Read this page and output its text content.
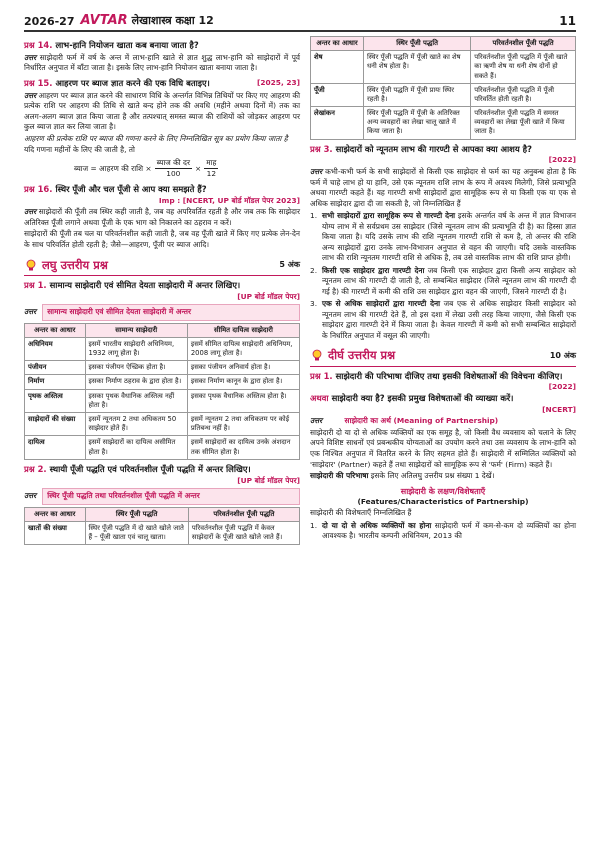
2026-27 AVTAR लेखाशास्त्र कक्षा 12	11
प्रश्न 14. लाभ-हानि नियोजन खाता कब बनाया जाता है?
उत्तर साझेदारी फर्म में वर्ष के अन्त में लाभ-हानि खाते से ज्ञात शुद्ध लाभ-हानि को साझेदारों में पूर्व निर्धारित अनुपात में बाँटा जाता है। इसके लिए लाभ-हानि नियोजन खाता बनाया जाता है।
प्रश्न 15. आहरण पर ब्याज ज्ञात करने की एक विधि बताइए।	[2025, 23]
उत्तर आहरण पर ब्याज ज्ञात करने की साधारण विधि के अन्तर्गत विभिन्न तिथियों पर किए गए आहरण की प्रत्येक राशि पर आहरण की तिथि से खाते बन्द होने तक की अवधि (महीने अथवा दिनों में) तक का अलग-अलग ब्याज ज्ञात किया जाता है और तत्पश्चात् समस्त ब्याज की राशियों को जोड़कर आहरण पर कुल ब्याज ज्ञात कर लिया जाता है।
आहरण की प्रत्येक राशि पर ब्याज की गणना करने के लिए निम्नलिखित सूत्र का प्रयोग किया जाता है
यदि गणना महीनों के लिए की जाती है, तो
ब्याज = आहरण की राशि × $\frac{\text{ब्याज की दर}}{100} \times \frac{\text{माह}}{12}$
प्रश्न 16. स्थिर पूँजी और चल पूँजी से आप क्या समझते हैं?
Imp : [NCERT, UP बोर्ड मॉडल पेपर 2023]
उत्तर साझेदारों की पूँजी तब स्थिर कही जाती है, जब वह अपरिवर्तित रहती है और जब तक कि साझेदार अतिरिक्त पूँजी लगाने अथवा पूँजी के एक भाग को निकालने का ठहराव न करें।
साझेदारों की पूँजी तब चल या परिवर्तनशील कही जाती है, जब वह पूँजी खाते में किए गए प्रत्येक लेन-देन के साथ परिवर्तित होती रहती है; जैसे—आहरण, पूँजी पर ब्याज आदि।
लघु उत्तरीय प्रश्न	5 अंक
प्रश्न 1. सामान्य साझेदारी एवं सीमित देयता साझेदारी में अन्तर लिखिए।
[UP बोर्ड मॉडल पेपर]
उत्तर	सामान्य साझेदारी एवं सीमित देयता साझेदारी में अन्तर
अन्तर का आधार	सामान्य साझेदारी	सीमित दायित्व साझेदारी
अधिनियम	इसमें भारतीय साझेदारी अधिनियम, 1932 लागू होता है।	इसमें सीमित दायित्व साझेदारी अधिनियम, 2008 लागू होता है।
पंजीयन	इसका पंजीयन ऐच्छिक होता है।	इसका पंजीयन अनिवार्य होता है।
निर्माण	इसका निर्माण ठहराव के द्वारा होता है।	इसका निर्माण कानून के द्वारा होता है।
पृथक अस्तित्व	इसका पृथक वैधानिक अस्तित्व नहीं होता है।	इसका पृथक वैधानिक अस्तित्व होता है।
साझेदारों की संख्या	इसमें न्यूनतम 2 तथा अधिकतम 50 साझेदार होते हैं।	इसमें न्यूनतम 2 तथा अधिकतम पर कोई प्रतिबन्ध नहीं है।
दायित्व	इसमें साझेदारों का दायित्व असीमित होता है।	इसमें साझेदारों का दायित्व उनके अंशदान तक सीमित होता है।
प्रश्न 2. स्थायी पूँजी पद्धति एवं परिवर्तनशील पूँजी पद्धति में अन्तर लिखिए।
[UP बोर्ड मॉडल पेपर]
उत्तर	स्थिर पूँजी पद्धति तथा परिवर्तनशील पूँजी पद्धति में अन्तर
अन्तर का आधार	स्थिर पूँजी पद्धति	परिवर्तनशील पूँजी पद्धति
खातों की संख्या	स्थिर पूँजी पद्धति में दो खाते खोले जाते हैं – पूँजी खाता एवं चालू खाता।	परिवर्तनशील पूँजी पद्धति में केवल साझेदारों के पूँजी खाते खोले जाते हैं।
अन्तर का आधार	स्थिर पूँजी पद्धति	परिवर्तनशील पूँजी पद्धति
शेष	स्थिर पूँजी पद्धति में पूँजी खाते का शेष धनी शेष होता है।	परिवर्तनशील पूँजी पद्धति में पूँजी खाते का ऋणी शेष या धनी शेष दोनों हो सकते हैं।
पूँजी	स्थिर पूँजी पद्धति में पूँजी प्रायः स्थिर रहती है।	परिवर्तनशील पूँजी पद्धति में पूँजी परिवर्तित होती रहती है।
लेखांकन	स्थिर पूँजी पद्धति में पूँजी के अतिरिक्त अन्य व्यवहारों का लेखा चालू खाते में किया जाता है।	परिवर्तनशील पूँजी पद्धति में समस्त व्यवहारों का लेखा पूँजी खाते में किया जाता है।
प्रश्न 3. साझेदारों को न्यूनतम लाभ की गारण्टी से आपका क्या आशय है?
[2022]
उत्तर कभी-कभी फर्म के सभी साझेदारों से किसी एक साझेदार से फर्म का यह अनुबन्ध होता है कि फर्म में चाहे लाभ हो या हानि, उसे एक न्यूनतम राशि लाभ के रूप में अवश्य मिलेगी, जिसे प्रत्याभूति अथवा गारण्टी कहते हैं। यह गारण्टी सभी साझेदारों द्वारा सामूहिक रूप से या किसी एक या एक से अधिक साझेदार द्वारा दी जा सकती है, जो निम्नलिखित हैं
1. सभी साझेदारों द्वारा सामूहिक रूप से गारण्टी देना इसके अन्तर्गत वर्ष के अन्त में ज्ञात विभाजन योग्य लाभ में से सर्वप्रथम उस साझेदार (जिसे न्यूनतम लाभ की प्रत्याभूति दी है) का हिस्सा ज्ञात किया जाता है। यदि उसके लाभ की राशि न्यूनतम गारण्टी राशि से कम है, तो अन्तर की राशि अन्य साझेदारों द्वारा उनके लाभ-विभाजन अनुपात से वहन की जाएगी। यदि उसके वास्तविक लाभ की राशि न्यूनतम गारण्टी राशि से अधिक है, तब उसे वास्तविक लाभ की राशि प्राप्त होगी।
2. किसी एक साझेदार द्वारा गारण्टी देना जब किसी एक साझेदार द्वारा किसी अन्य साझेदार को न्यूनतम लाभ की गारण्टी दी जाती है, तो सम्बन्धित साझेदार (जिसे न्यूनतम लाभ की गारण्टी दी गई है) की गारण्टी में कमी की राशि उस साझेदार द्वारा वहन की जाएगी, जिसने गारण्टी दी है।
3. एक से अधिक साझेदारों द्वारा गारण्टी देना जब एक से अधिक साझेदार किसी साझेदार को न्यूनतम लाभ की गारण्टी देते हैं, तो इस दशा में लेखा उसी तरह किया जाएगा, जैसे किसी एक साझेदार द्वारा गारण्टी देने में किया जाता है। केवल गारण्टी में कमी को सभी सम्बन्धित साझेदारों के निर्धारित अनुपात में वसूल की जाएगी।
दीर्घ उत्तरीय प्रश्न	10 अंक
प्रश्न 1. साझेदारी की परिभाषा दीजिए तथा इसकी विशेषताओं की विवेचना कीजिए।
[2022]
अथवा साझेदारी क्या है? इसकी प्रमुख विशेषताओं की व्याख्या करें।
[NCERT]
उत्तर	साझेदारी का अर्थ (Meaning of Partnership)
साझेदारी दो या दो से अधिक व्यक्तियों का एक समूह है, जो किसी वैध व्यवसाय को चलाने के लिए अपने विशिष्ट साधनों एवं प्रबन्धकीय योग्यताओं का उपयोग करने तथा उस व्यवसाय के लाभ-हानि को एक निश्चित अनुपात में वितरित करने के लिए सहमत होते हैं। साझेदारी में सम्मिलित व्यक्तियों को 'साझेदार' (Partner) कहते हैं तथा साझेदारों को सामूहिक रूप से 'फर्म' (Firm) कहते हैं।
साझेदारी की परिभाषा इसके लिए अतिलघु उत्तरीय प्रश्न संख्या 1 देखें।
साझेदारी के लक्षण/विशेषताएँ
(Features/Characteristics of Partnership)
साझेदारी की विशेषताएँ निम्नलिखित हैं
1. दो या दो से अधिक व्यक्तियों का होना साझेदारी फर्म में कम-से-कम दो व्यक्तियों का होना आवश्यक है। भारतीय कम्पनी अधिनियम, 2013 की
